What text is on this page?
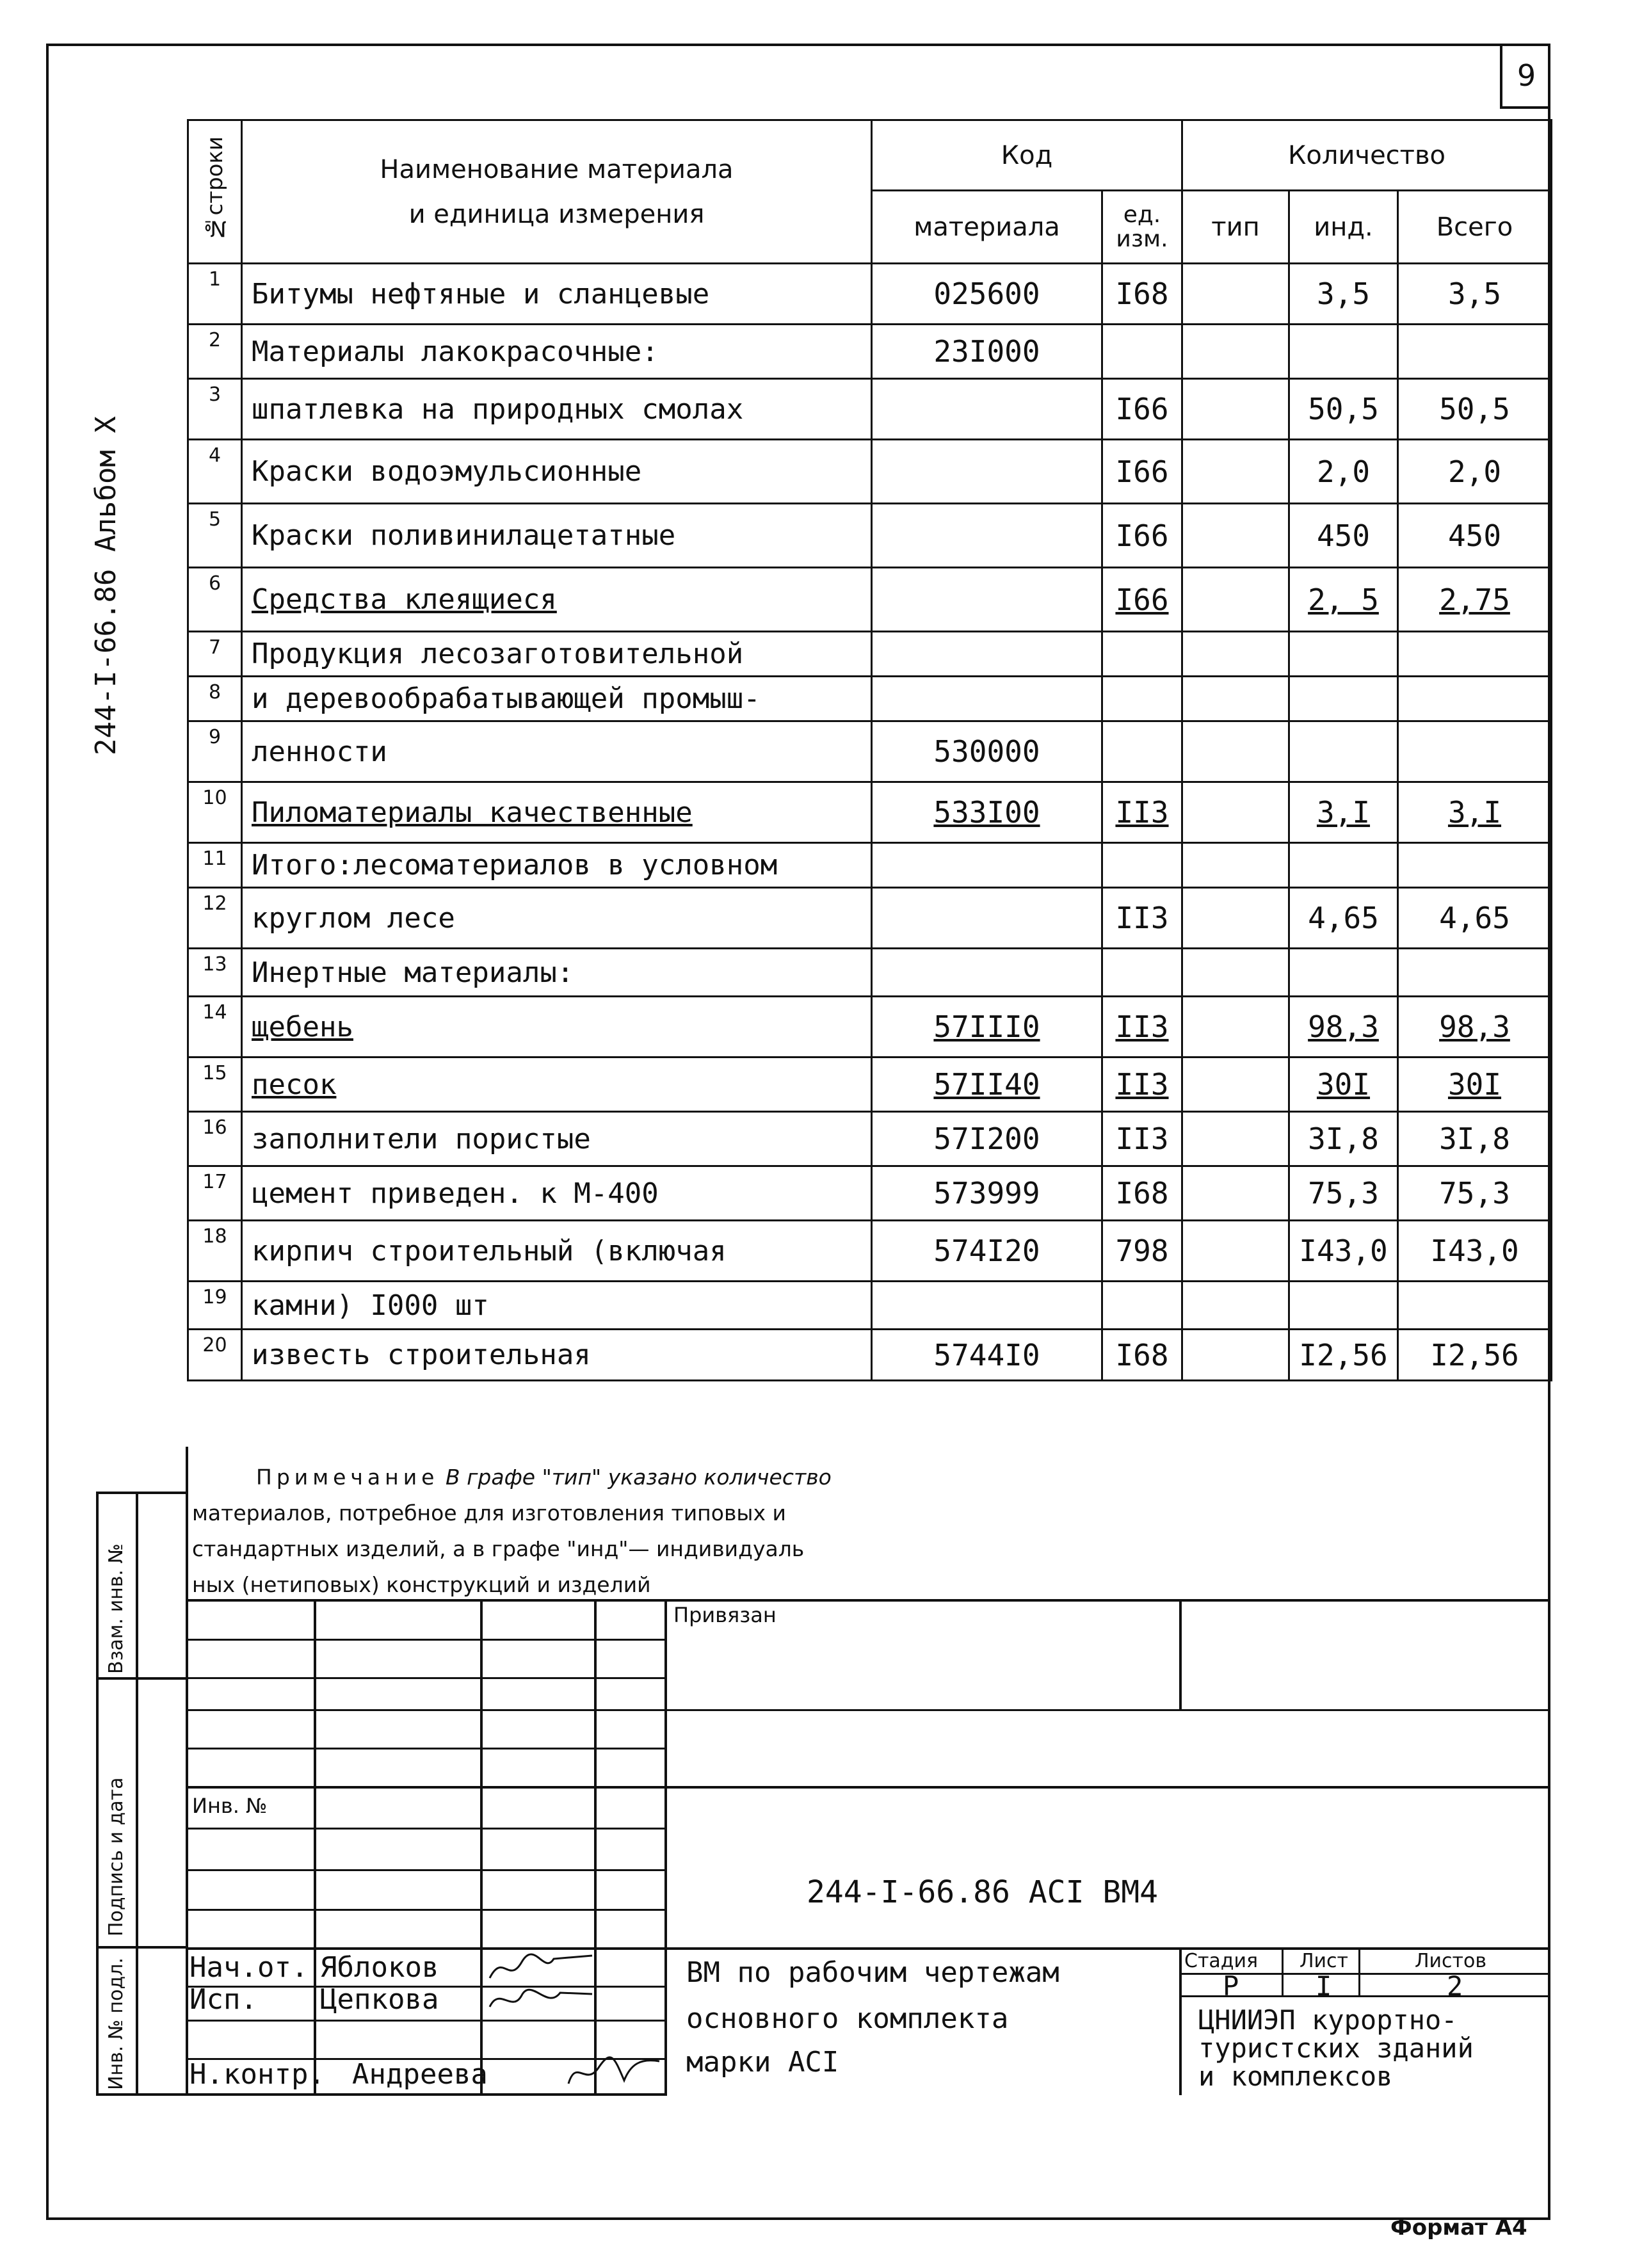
9
244-I-66.86 Альбом X
№строки	Наименование материала
и единица измерения	Код		Количество		
		материала	ед. изм.	тип	инд.	Всего
1	Битумы нефтяные и сланцевые	025600	I68		3,5	3,5
2	Материалы лакокрасочные:	23I000				
3	шпатлевка на природных смолах		I66		50,5	50,5
4	Краски водоэмульсионные		I66		2,0	2,0
5	Краски поливинилацетатные		I66		450	450
6	Средства клеящиеся		I66		2, 5	2,75
7	Продукция лесозаготовительной					
8	и деревообрабатывающей промыш-					
9	ленности	530000				
10	Пиломатериалы качественные	533I00	II3		3,I	3,I
11	Итого:лесоматериалов в условном					
12	круглом лесе		II3		4,65	4,65
13	Инертные материалы:					
14	щебень	57III0	II3		98,3	98,3
15	песок	57II40	II3		30I	30I
16	заполнители пористые	57I200	II3		3I,8	3I,8
17	цемент приведен. к М-400	573999	I68		75,3	75,3
18	кирпич строительный (включая	574I20	798		I43,0	I43,0
19	камни) I000 шт					
20	известь строительная	5744I0	I68		I2,56	I2,56
Примечание В графе "тип" указано количество
материалов, потребное для изготовления типовых и
стандартных изделий, а в графе "инд"— индивидуаль
ных (нетиповых) конструкций и изделий
Взам. инв. №
Подпись и дата
Инв. № подл.
Инв. №
Привязан
244-I-66.86 АСI ВМ4
Нач.от. Яблоков
Исп. Цепкова
Н.контр. Андреева
ВМ по рабочим чертежам
основного комплекта
марки АСI
Стадия
Р
Лист
I
Листов
2
ЦНИИЭП курортно-
туристских зданий
и комплексов
Формат А4
